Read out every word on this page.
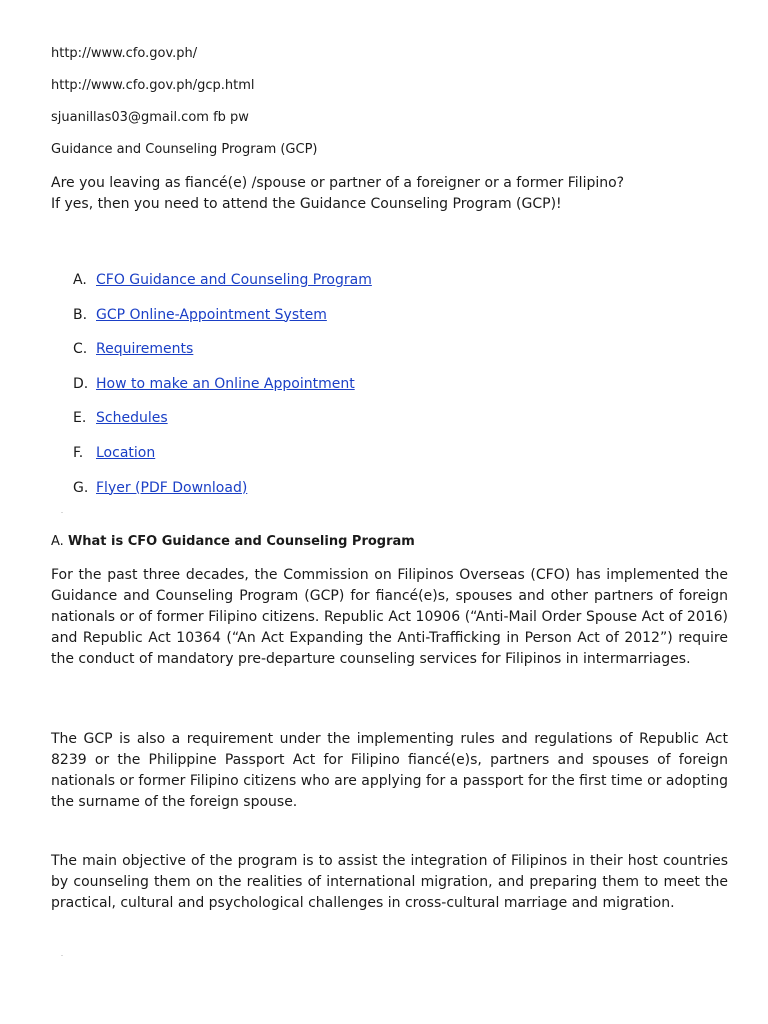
http://www.cfo.gov.ph/
http://www.cfo.gov.ph/gcp.html
sjuanillas03@gmail.com fb pw
Guidance and Counseling Program (GCP)
Are you leaving as fiancé(e) /spouse or partner of a foreigner or a former Filipino?
If yes, then you need to attend the Guidance Counseling Program (GCP)!
A. CFO Guidance and Counseling Program
B. GCP Online-Appointment System
C. Requirements
D. How to make an Online Appointment
E. Schedules
F. Location
G. Flyer (PDF Download)
A. What is CFO Guidance and Counseling Program

For the past three decades, the Commission on Filipinos Overseas (CFO) has implemented the Guidance and Counseling Program (GCP) for fiancé(e)s, spouses and other partners of foreign nationals or of former Filipino citizens. Republic Act 10906 (“Anti-Mail Order Spouse Act of 2016) and Republic Act 10364 (“An Act Expanding the Anti-Trafficking in Person Act of 2012”) require the conduct of mandatory pre-departure counseling services for Filipinos in intermarriages.

The GCP is also a requirement under the implementing rules and regulations of Republic Act 8239 or the Philippine Passport Act for Filipino fiancé(e)s, partners and spouses of foreign nationals or former Filipino citizens who are applying for a passport for the first time or adopting the surname of the foreign spouse.

The main objective of the program is to assist the integration of Filipinos in their host countries by counseling them on the realities of international migration, and preparing them to meet the practical, cultural and psychological challenges in cross-cultural marriage and migration.
